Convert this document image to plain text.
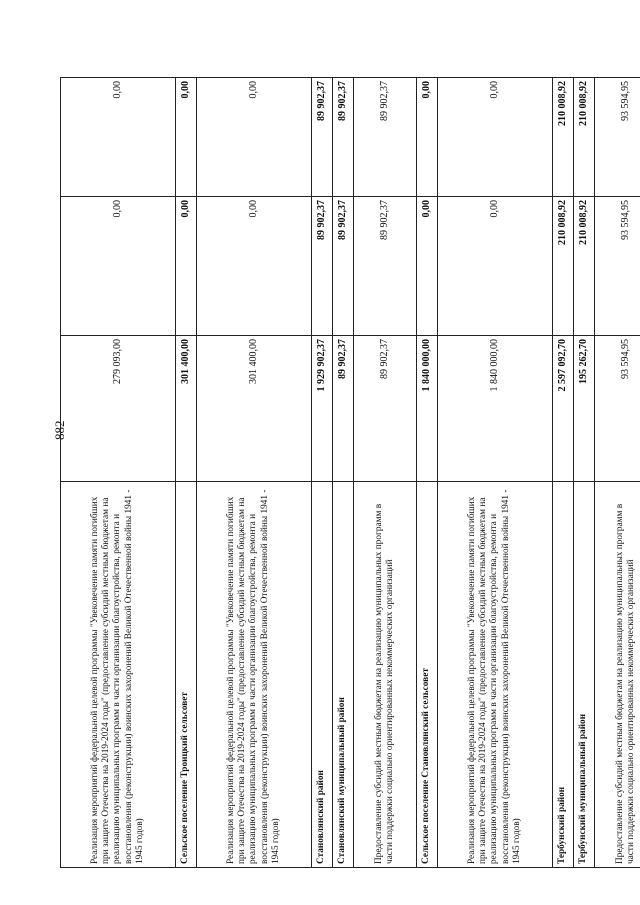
882
Реализация мероприятий федеральной целевой программы "Увековечение памяти погибших при защите Отечества на 2019-2024 годы" (предоставление субсидий местным бюджетам на реализацию муниципальных программ в части организации благоустройства, ремонта и восстановления (реконструкции) воинских захоронений Великой Отечественной войны 1941 - 1945 годов)	279 093,00	0,00	0,00
Сельское поселение Троицкий сельсовет	301 400,00	0,00	0,00
Реализация мероприятий федеральной целевой программы "Увековечение памяти погибших при защите Отечества на 2019-2024 годы" (предоставление субсидий местным бюджетам на реализацию муниципальных программ в части организации благоустройства, ремонта и восстановления (реконструкции) воинских захоронений Великой Отечественной войны 1941 - 1945 годов)	301 400,00	0,00	0,00
Становлянский район	1 929 902,37	89 902,37	89 902,37
Становлянский муниципальный район	89 902,37	89 902,37	89 902,37
Предоставление субсидий местным бюджетам на реализацию муниципальных программ в части поддержки социально ориентированных некоммерческих организаций	89 902,37	89 902,37	89 902,37
Сельское поселение Становлянский сельсовет	1 840 000,00	0,00	0,00
Реализация мероприятий федеральной целевой программы "Увековечение памяти погибших при защите Отечества на 2019-2024 годы" (предоставление субсидий местным бюджетам на реализацию муниципальных программ в части организации благоустройства, ремонта и восстановления (реконструкции) воинских захоронений Великой Отечественной войны 1941 - 1945 годов)	1 840 000,00	0,00	0,00
Тербунский район	2 597 092,70	210 008,92	210 008,92
Тербунский муниципальный район	195 262,70	210 008,92	210 008,92
Предоставление субсидий местным бюджетам на реализацию муниципальных программ в части поддержки социально ориентированных некоммерческих организаций	93 594,95	93 594,95	93 594,95
